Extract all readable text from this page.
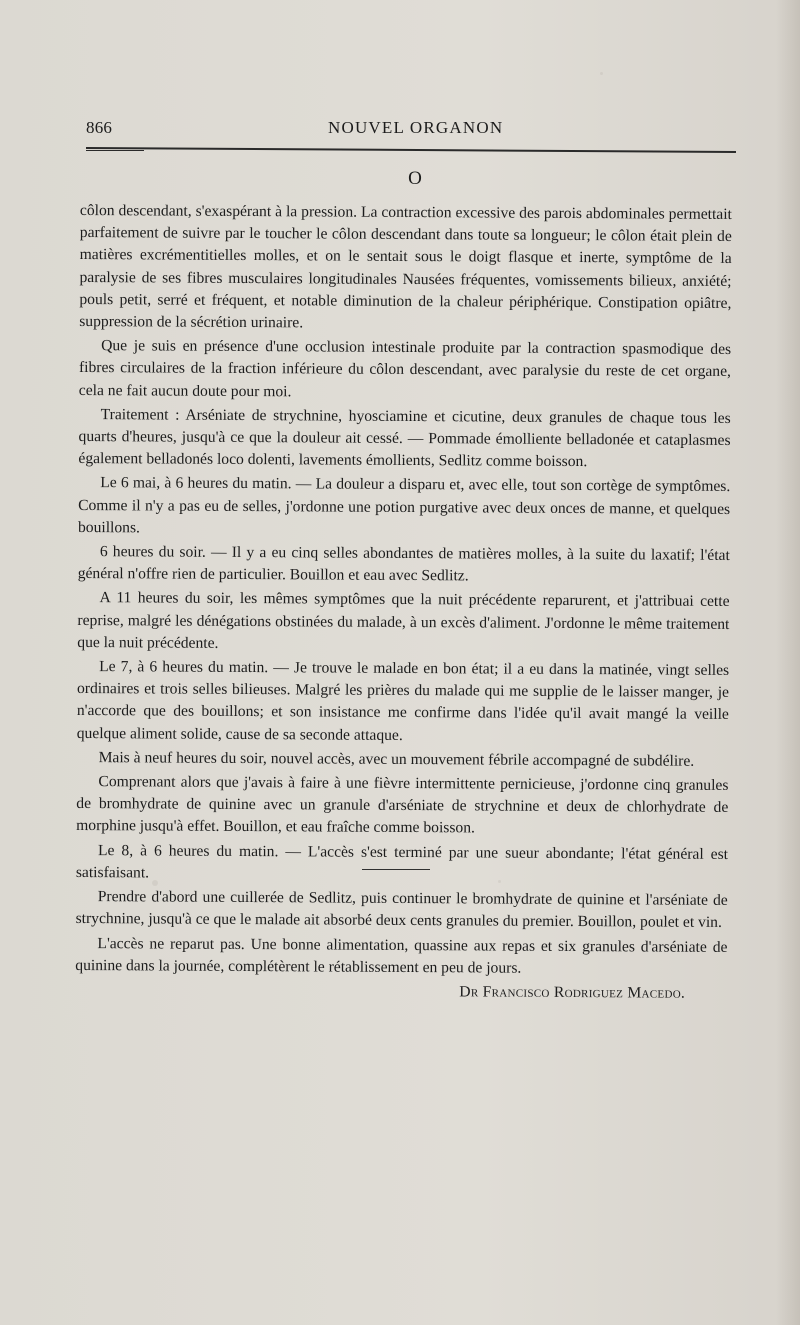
866	NOUVEL ORGANON
O

côlon descendant, s'exaspérant à la pression. La contraction excessive des parois abdominales permettait parfaitement de suivre par le toucher le côlon descendant dans toute sa longueur; le côlon était plein de matières excrémentitielles molles, et on le sentait sous le doigt flasque et inerte, symptôme de la paralysie de ses fibres musculaires longitudinales Nausées fréquentes, vomissements bilieux, anxiété; pouls petit, serré et fréquent, et notable diminution de la chaleur périphérique. Constipation opiâtre, suppression de la sécrétion urinaire.

Que je suis en présence d'une occlusion intestinale produite par la contraction spasmodique des fibres circulaires de la fraction inférieure du côlon descendant, avec paralysie du reste de cet organe, cela ne fait aucun doute pour moi.

Traitement : Arséniate de strychnine, hyosciamine et cicutine, deux granules de chaque tous les quarts d'heures, jusqu'à ce que la douleur ait cessé. — Pommade émolliente belladonée et cataplasmes également belladonés loco dolenti, lavements émollients, Sedlitz comme boisson.

Le 6 mai, à 6 heures du matin. — La douleur a disparu et, avec elle, tout son cortège de symptômes. Comme il n'y a pas eu de selles, j'ordonne une potion purgative avec deux onces de manne, et quelques bouillons.

6 heures du soir. — Il y a eu cinq selles abondantes de matières molles, à la suite du laxatif; l'état général n'offre rien de particulier. Bouillon et eau avec Sedlitz.

A 11 heures du soir, les mêmes symptômes que la nuit précédente reparurent, et j'attribuai cette reprise, malgré les dénégations obstinées du malade, à un excès d'aliment. J'ordonne le même traitement que la nuit précédente.

Le 7, à 6 heures du matin. — Je trouve le malade en bon état; il a eu dans la matinée, vingt selles ordinaires et trois selles bilieuses. Malgré les prières du malade qui me supplie de le laisser manger, je n'accorde que des bouillons; et son insistance me confirme dans l'idée qu'il avait mangé la veille quelque aliment solide, cause de sa seconde attaque.

Mais à neuf heures du soir, nouvel accès, avec un mouvement fébrile accompagné de subdélire.

Comprenant alors que j'avais à faire à une fièvre intermittente pernicieuse, j'ordonne cinq granules de bromhydrate de quinine avec un granule d'arséniate de strychnine et deux de chlorhydrate de morphine jusqu'à effet. Bouillon, et eau fraîche comme boisson.

Le 8, à 6 heures du matin. — L'accès s'est terminé par une sueur abondante; l'état général est satisfaisant.

Prendre d'abord une cuillerée de Sedlitz, puis continuer le bromhydrate de quinine et l'arséniate de strychnine, jusqu'à ce que le malade ait absorbé deux cents granules du premier. Bouillon, poulet et vin.

L'accès ne reparut pas. Une bonne alimentation, quassine aux repas et six granules d'arséniate de quinine dans la journée, complétèrent le rétablissement en peu de jours.

Dr Francisco Rodriguez Macedo.
